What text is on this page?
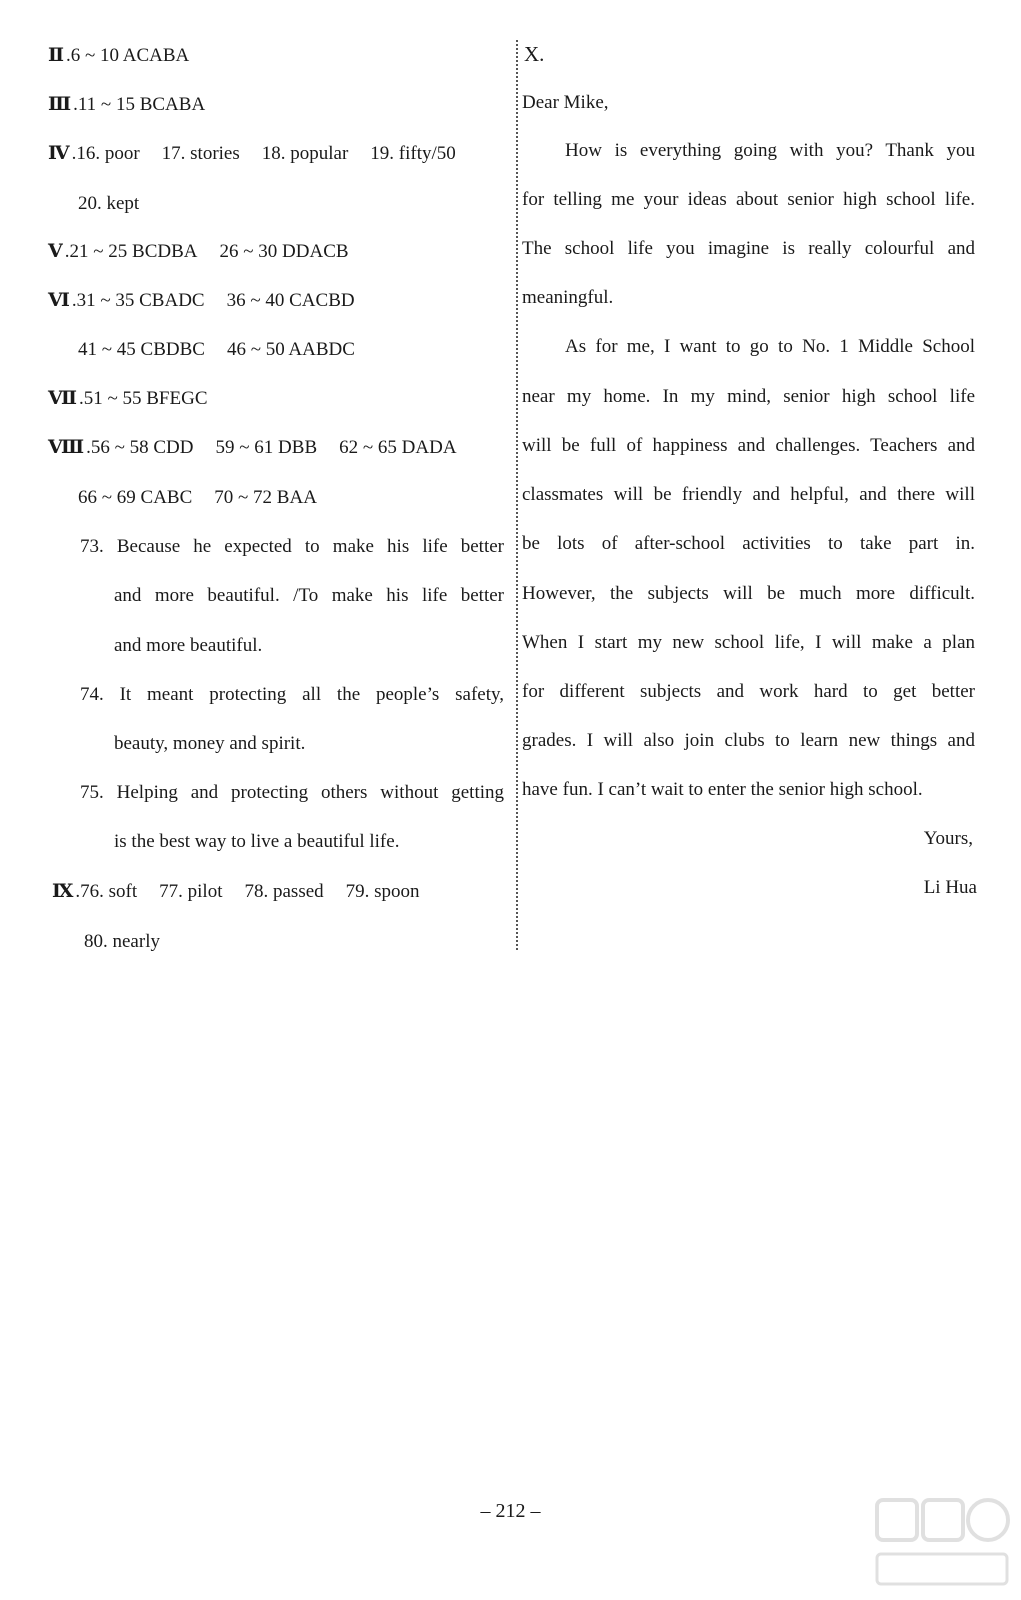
Ⅱ .6 ~ 10 ACABA
Ⅲ .11 ~ 15 BCABA
Ⅳ .16. poor 17. stories 18. popular 19. fifty/50
20. kept
Ⅴ .21 ~ 25 BCDBA 26 ~ 30 DDACB
Ⅵ .31 ~ 35 CBADC 36 ~ 40 CACBD
41 ~ 45 CBDBC 46 ~ 50 AABDC
Ⅶ .51 ~ 55 BFEGC
Ⅷ .56 ~ 58 CDD 59 ~ 61 DBB 62 ~ 65 DADA
66 ~ 69 CABC 70 ~ 72 BAA
73. Because he expected to make his life better
and more beautiful. /To make his life better
and more beautiful.
74. It meant protecting all the people’s safety,
beauty, money and spirit.
75. Helping and protecting others without getting
is the best way to live a beautiful life.
Ⅸ .76. soft 77. pilot 78. passed 79. spoon
80. nearly
X.
Dear Mike,
How is everything going with you? Thank you
for telling me your ideas about senior high school life.
The school life you imagine is really colourful and
meaningful.
As for me, I want to go to No. 1 Middle School
near my home. In my mind, senior high school life
will be full of happiness and challenges. Teachers and
classmates will be friendly and helpful, and there will
be lots of after-school activities to take part in.
However, the subjects will be much more difficult.
When I start my new school life, I will make a plan
for different subjects and work hard to get better
grades. I will also join clubs to learn new things and
have fun. I can’t wait to enter the senior high school.
Yours,
Li Hua
– 212 –
